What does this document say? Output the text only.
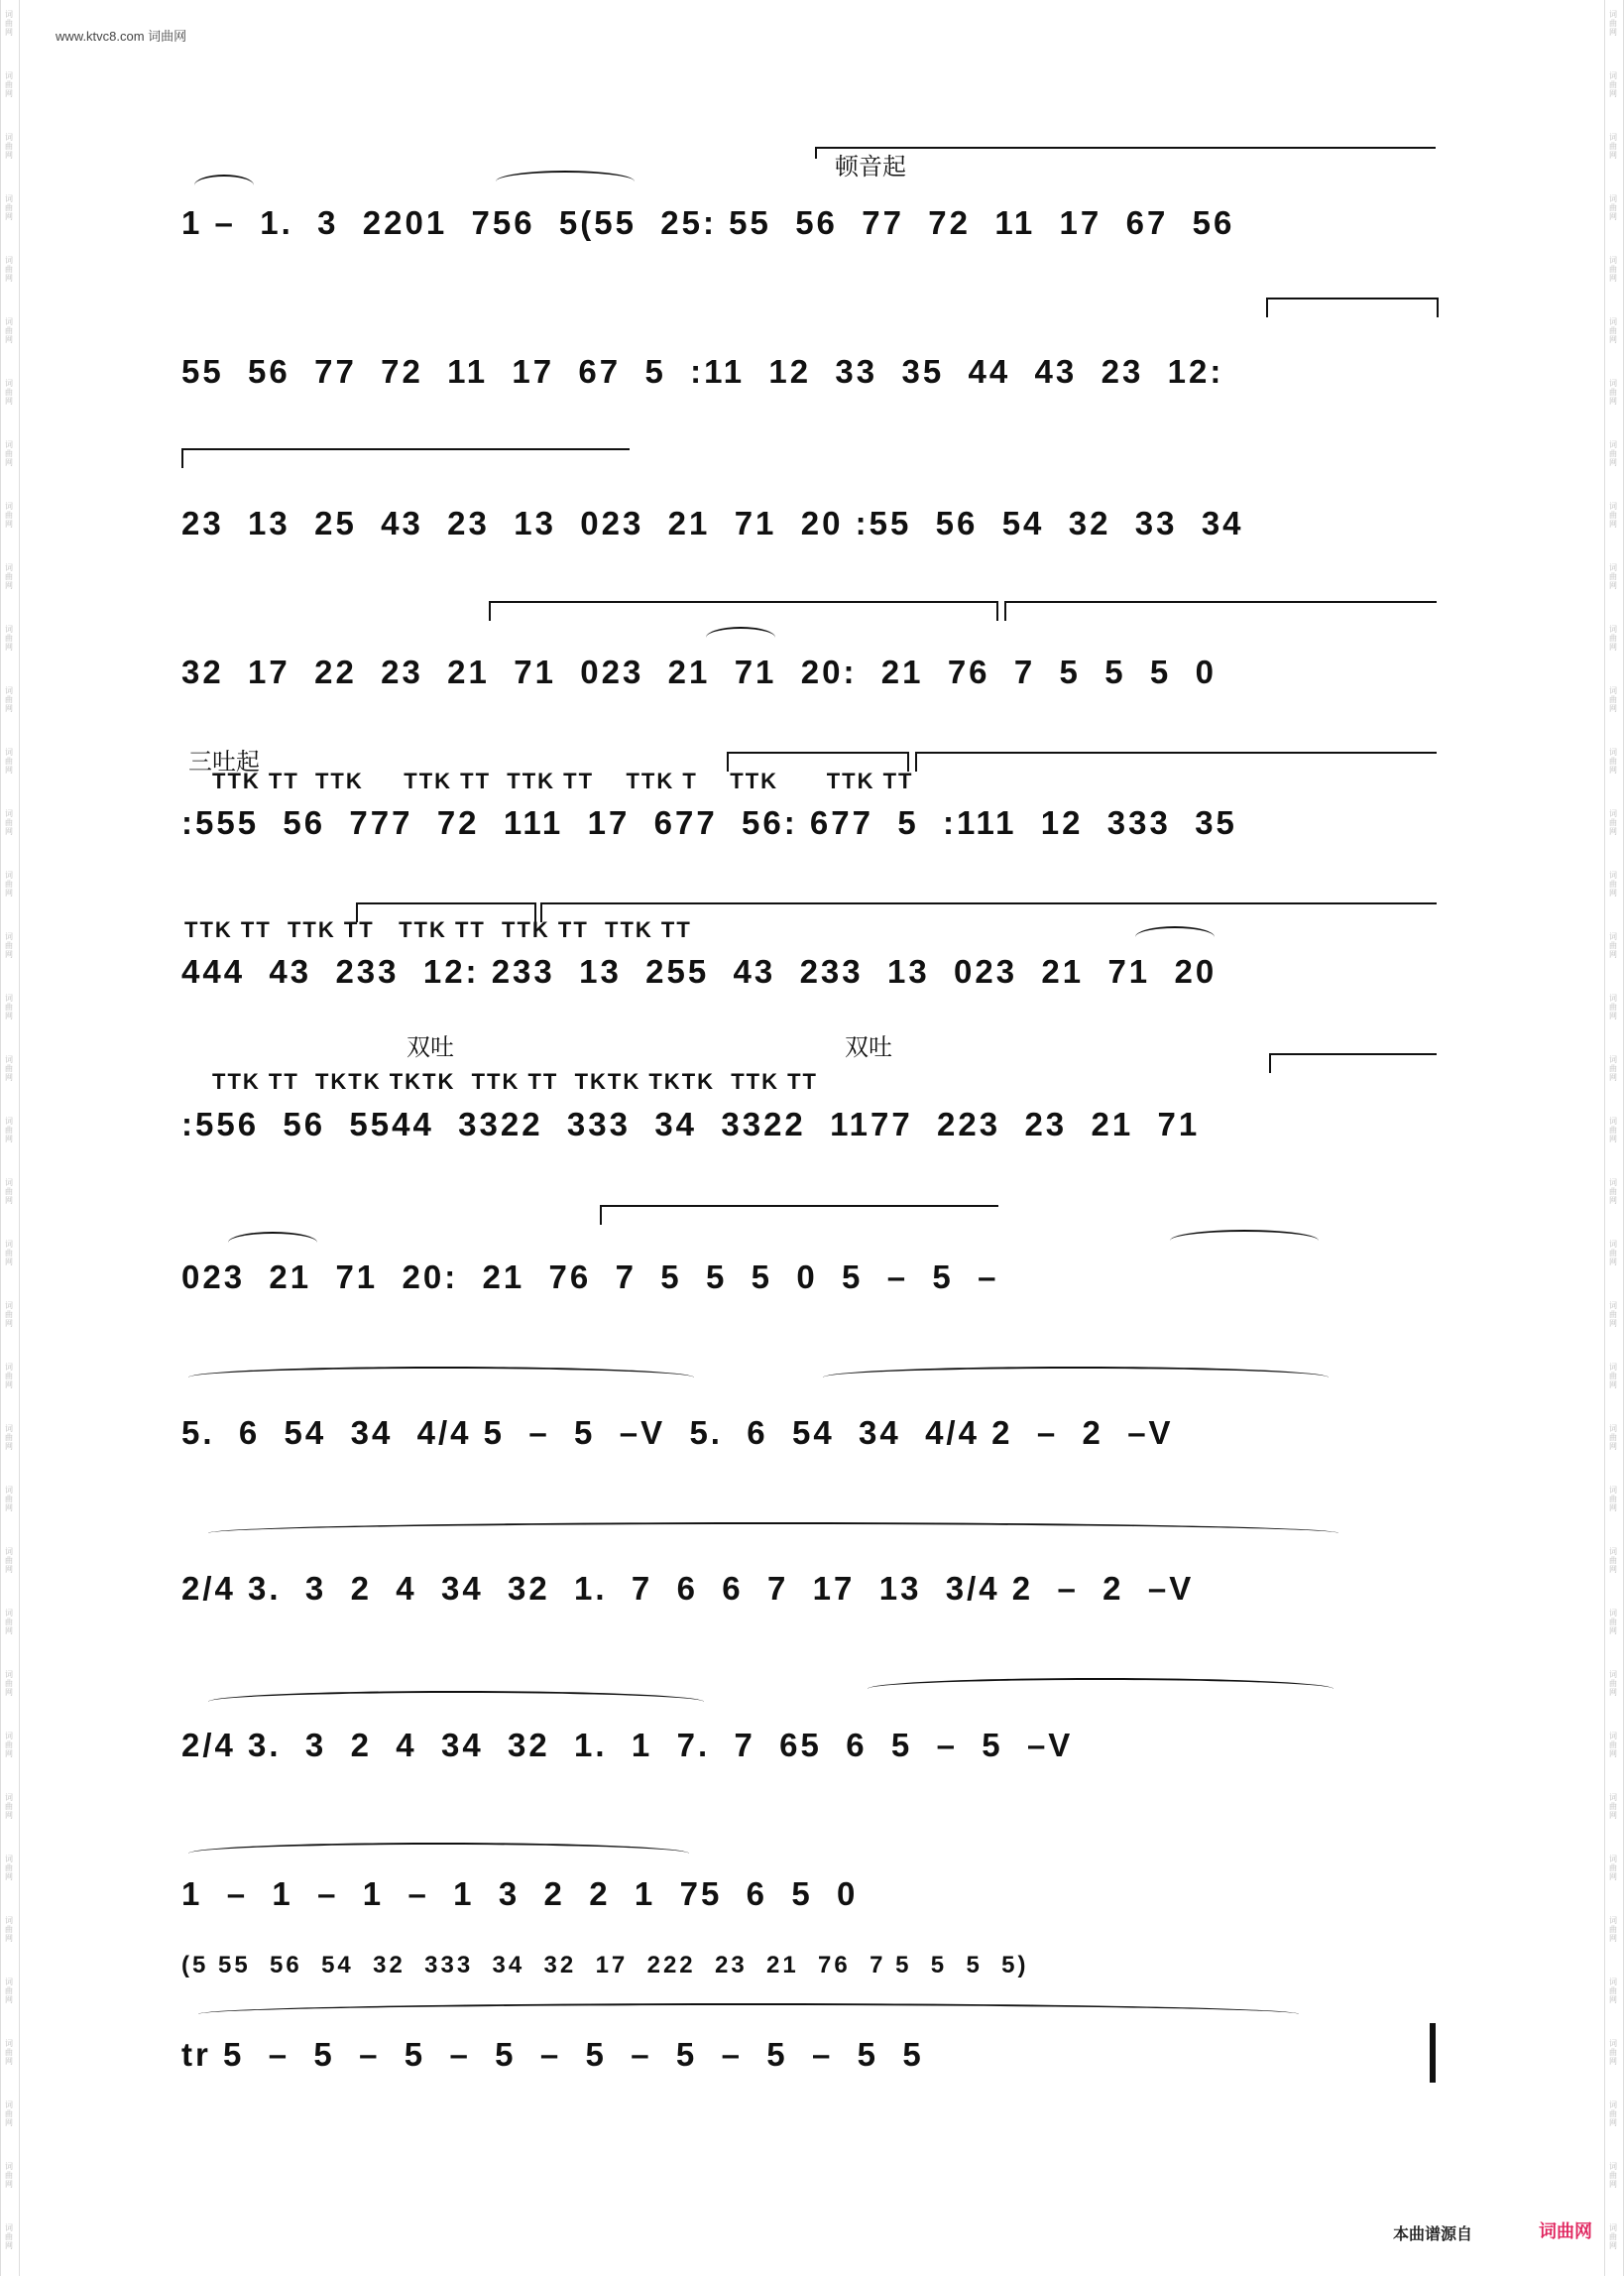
词
曲
网
词
曲
网
词
曲
网
词
曲
网
词
曲
网
词
曲
网
词
曲
网
词
曲
网
词
曲
网
词
曲
网
词
曲
网
词
曲
网
词
曲
网
词
曲
网
词
曲
网
词
曲
网
词
曲
网
词
曲
网
词
曲
网
词
曲
网
词
曲
网
词
曲
网
词
曲
网
词
曲
网
词
曲
网
词
曲
网
词
曲
网
词
曲
网
词
曲
网
词
曲
网
词
曲
网
词
曲
网
词
曲
网
词
曲
网
词
曲
网
词
曲
网
词
曲
网
词
曲
网
词
曲
网
词
曲
网
词
曲
网
词
曲
网
词
曲
网
词
曲
网
词
曲
网
词
曲
网
词
曲
网
词
曲
网
词
曲
网
词
曲
网
词
曲
网
词
曲
网
词
曲
网
词
曲
网
词
曲
网
词
曲
网
词
曲
网
词
曲
网
词
曲
网
词
曲
网
词
曲
网
词
曲
网
词
曲
网
词
曲
网
词
曲
网
词
曲
网
词
曲
网
词
曲
网
词
曲
网
词
曲
网
词
曲
网
词
曲
网
词
曲
网
词
曲
网
www.ktvc8.com 词曲网
顿音起
1 –  1.  3  2201  756  5(55  25: 55  56  77  72  11  17  67  56
55  56  77  72  11  17  67  5  :11  12  33  35  44  43  23  12:
23  13  25  43  23  13  023  21  71  20 :55  56  54  32  33  34
32  17  22  23  21  71  023  21  71  20:  21  76  7  5  5  5  0
三吐起
TTK TT  TTK     TTK TT  TTK TT    TTK T    TTK      TTK TT
:555  56  777  72  111  17  677  56: 677  5  :111  12  333  35
TTK TT  TTK TT   TTK TT  TTK TT  TTK TT
444  43  233  12: 233  13  255  43  233  13  023  21  71  20
双吐	双吐
TTK TT  TKTK TKTK  TTK TT  TKTK TKTK  TTK TT
:556  56  5544  3322  333  34  3322  1177  223  23  21  71
023  21  71  20:  21  76  7  5  5  5  0  5  –  5  –
5.  6  54  34  4/4 5  –  5  –V  5.  6  54  34  4/4 2  –  2  –V
2/4 3.  3  2  4  34  32  1.  7  6  6  7  17  13  3/4 2  –  2  –V
2/4 3.  3  2  4  34  32  1.  1  7.  7  65  6  5  –  5  –V
1  –  1  –  1  –  1  3  2  2  1  75  6  5  0
(5 55  56  54  32  333  34  32  17  222  23  21  76  7 5  5  5  5)
tr 5  –  5  –  5  –  5  –  5  –  5  –  5  –  5  5
本曲谱源自	词曲网
